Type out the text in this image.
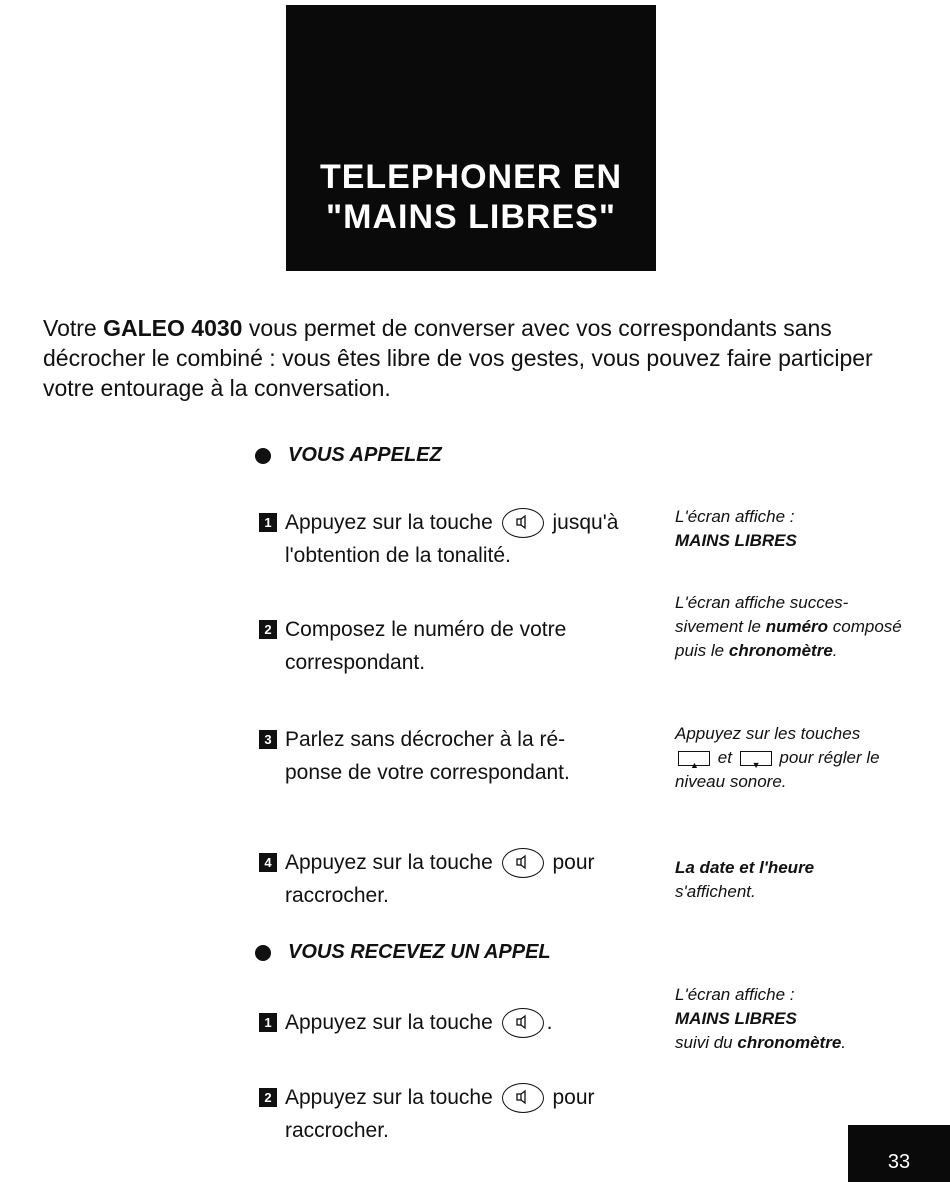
TELEPHONER EN
"MAINS LIBRES"
Votre GALEO 4030 vous permet de converser avec vos correspondants sans décrocher le combiné : vous êtes libre de vos gestes, vous pouvez faire participer votre entourage à la conversation.
VOUS APPELEZ
1 Appuyez sur la touche	jusqu'à l'obtention de la tonalité.
2 Composez le numéro de votre correspondant.
3 Parlez sans décrocher à la ré- ponse de votre correspondant.
4 Appuyez sur la touche	pour raccrocher.
L'écran affiche :
MAINS LIBRES
L'écran affiche succes- sivement le numéro composé puis le chronomètre.
Appuyez sur les touches
▲ et ▼ pour régler le niveau sonore.
La date et l'heure
s'affichent.
VOUS RECEVEZ UN APPEL
1 Appuyez sur la touche	.
2 Appuyez sur la touche	pour raccrocher.
L'écran affiche :
MAINS LIBRES
suivi du chronomètre.
33
